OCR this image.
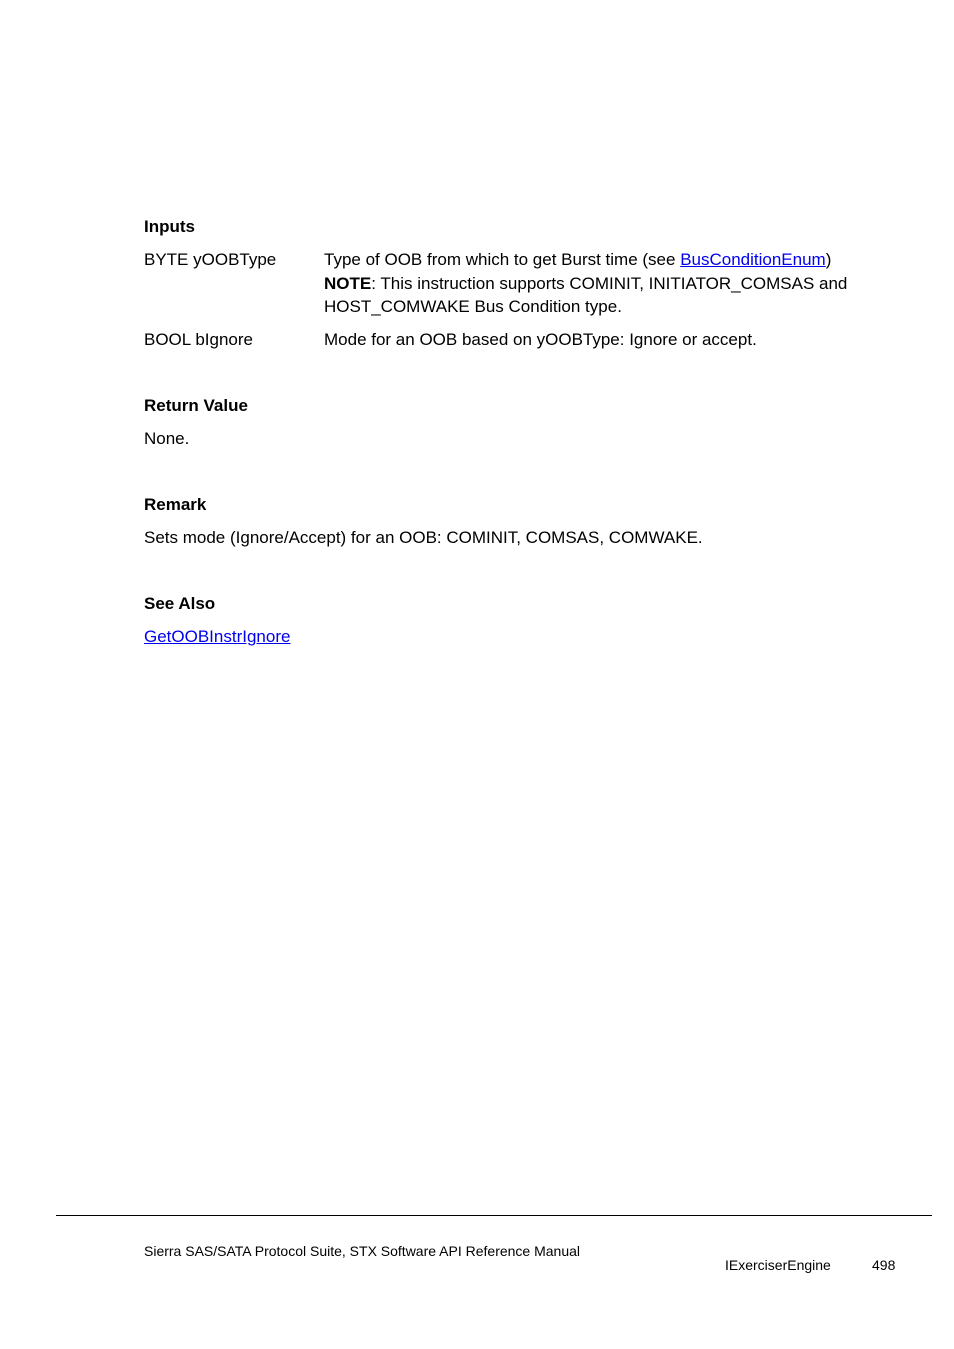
Inputs
BYTE yOOBType	Type of OOB from which to get Burst time (see BusConditionEnum)
NOTE: This instruction supports COMINIT, INITIATOR_COMSAS and HOST_COMWAKE Bus Condition type.
BOOL bIgnore	Mode for an OOB based on yOOBType: Ignore or accept.
Return Value
None.
Remark
Sets mode (Ignore/Accept) for an OOB: COMINIT, COMSAS, COMWAKE.
See Also
GetOOBInstrIgnore
Sierra SAS/SATA Protocol Suite, STX Software API Reference Manual
IExerciserEngine	498
